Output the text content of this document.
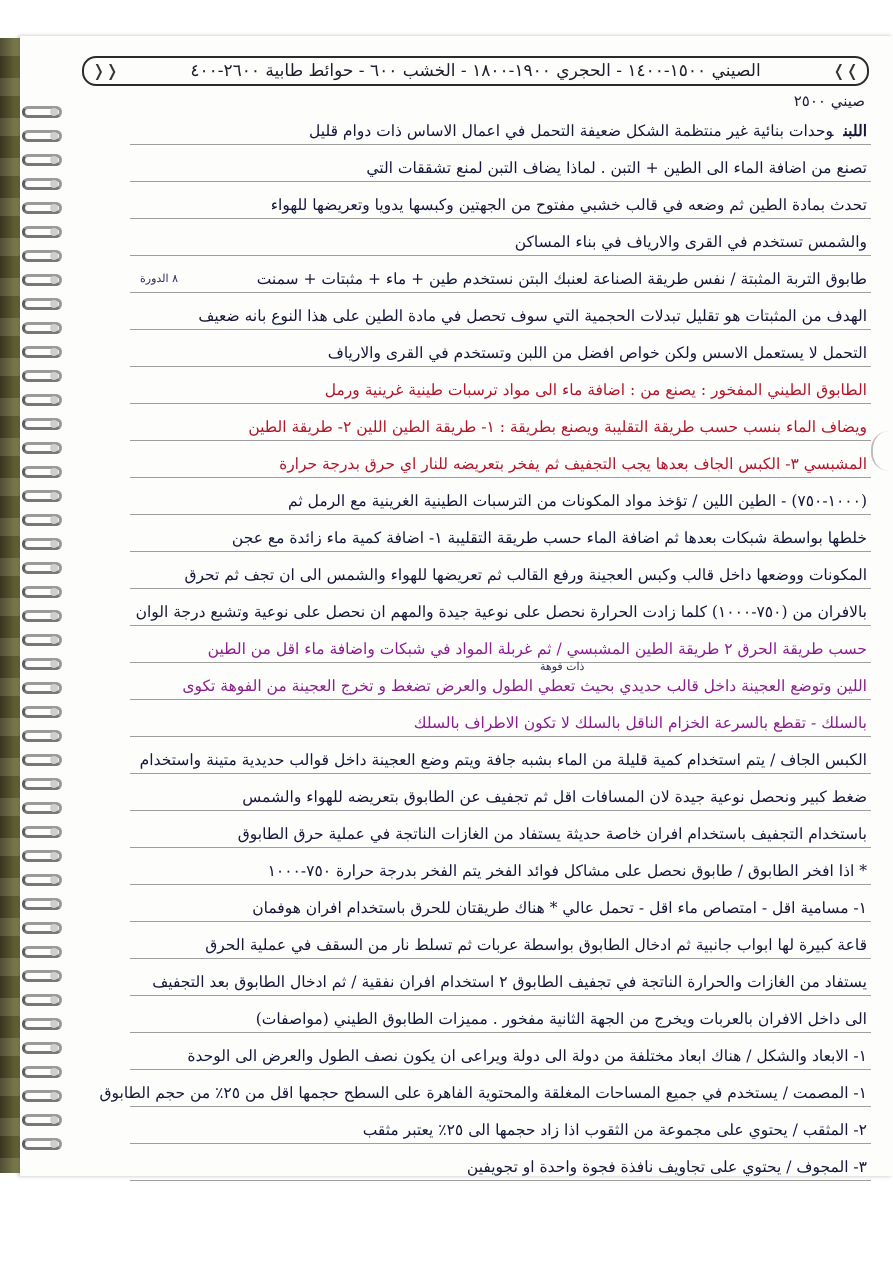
❬❬	الصيني ١٥٠٠-١٤٠٠ - الحجري ١٩٠٠-١٨٠٠ - الخشب ٦٠٠ - حوائط طابية ٢٦٠٠-٤٠٠	❭❭
صيني ٢٥٠٠
اللبنوحدات بنائية غير منتظمة الشكل ضعيفة التحمل في اعمال الاساس ذات دوام قليل
تصنع من اضافة الماء الى الطين + التبن . لماذا يضاف التبن لمنع تشققات التي
تحدث بمادة الطين ثم وضعه في قالب خشبي مفتوح من الجهتين وكبسها يدويا وتعريضها للهواء
والشمس تستخدم في القرى والارياف في بناء المساكن
طابوق التربة المثبتة / نفس طريقة الصناعة لعنبك البتن نستخدم طين + ماء + مثبتات + سمنت
الهدف من المثبتات هو تقليل تبدلات الحجمية التي سوف تحصل في مادة الطين على هذا النوع بانه ضعيف
التحمل لا يستعمل الاسس ولكن خواص افضل من اللبن وتستخدم في القرى والارياف
الطابوق الطيني المفخور : يصنع من : اضافة ماء الى مواد ترسبات طينية غرينية ورمل
ويضاف الماء بنسب حسب طريقة التقليبة ويصنع بطريقة : ١- طريقة الطين اللين ٢- طريقة الطين
المشبسي ٣- الكبس الجاف بعدها يجب التجفيف ثم يفخر بتعريضه للنار اي حرق بدرجة حرارة
(١٠٠٠-٧٥٠) - الطين اللين / تؤخذ مواد المكونات من الترسبات الطينية الغرينية مع الرمل ثم
خلطها بواسطة شبكات بعدها ثم اضافة الماء حسب طريقة التقليبة ١- اضافة كمية ماء زائدة مع عجن
المكونات ووضعها داخل قالب وكبس العجينة ورفع القالب ثم تعريضها للهواء والشمس الى ان تجف ثم تحرق
بالافران من (٧٥٠-١٠٠٠) كلما زادت الحرارة نحصل على نوعية جيدة والمهم ان نحصل على نوعية وتشبع درجة الوان
حسب طريقة الحرق ٢ طريقة الطين المشبسي / ثم غربلة المواد في شبكات واضافة ماء اقل من الطين
اللين وتوضع العجينة داخل قالب حديدي بحيث تعطي الطول والعرض تضغط و تخرج العجينة من الفوهة تكوى
بالسلك - تقطع بالسرعة الخزام الناقل بالسلك لا تكون الاطراف بالسلك
الكبس الجاف / يتم استخدام كمية قليلة من الماء بشبه جافة ويتم وضع العجينة داخل قوالب حديدية متينة واستخدام
ضغط كبير ونحصل نوعية جيدة لان المسافات اقل ثم تجفيف عن الطابوق بتعريضه للهواء والشمس
باستخدام التجفيف باستخدام افران خاصة حديثة يستفاد من الغازات الناتجة في عملية حرق الطابوق
* اذا افخر الطابوق / طابوق نحصل على مشاكل فوائد الفخر يتم الفخر بدرجة حرارة ٧٥٠-١٠٠٠
١- مسامية اقل - امتصاص ماء اقل - تحمل عالي * هناك طريقتان للحرق باستخدام افران هوفمان
قاعة كبيرة لها ابواب جانبية ثم ادخال الطابوق بواسطة عربات ثم تسلط نار من السقف في عملية الحرق
يستفاد من الغازات والحرارة الناتجة في تجفيف الطابوق ٢ استخدام افران نفقية / ثم ادخال الطابوق بعد التجفيف
الى داخل الافران بالعربات ويخرج من الجهة الثانية مفخور . مميزات الطابوق الطيني (مواصفات)
١- الابعاد والشكل / هناك ابعاد مختلفة من دولة الى دولة ويراعى ان يكون نصف الطول والعرض الى الوحدة
١- المصمت / يستخدم في جميع المساحات المغلقة والمحتوية الفاهرة على السطح حجمها اقل من ٢٥٪ من حجم الطابوق
٢- المثقب / يحتوي على مجموعة من الثقوب اذا زاد حجمها الى ٢٥٪ يعتبر مثقب
٣- المجوف / يحتوي على تجاويف نافذة فجوة واحدة او تجويفين
٨ الدورة
ذات فوهة
